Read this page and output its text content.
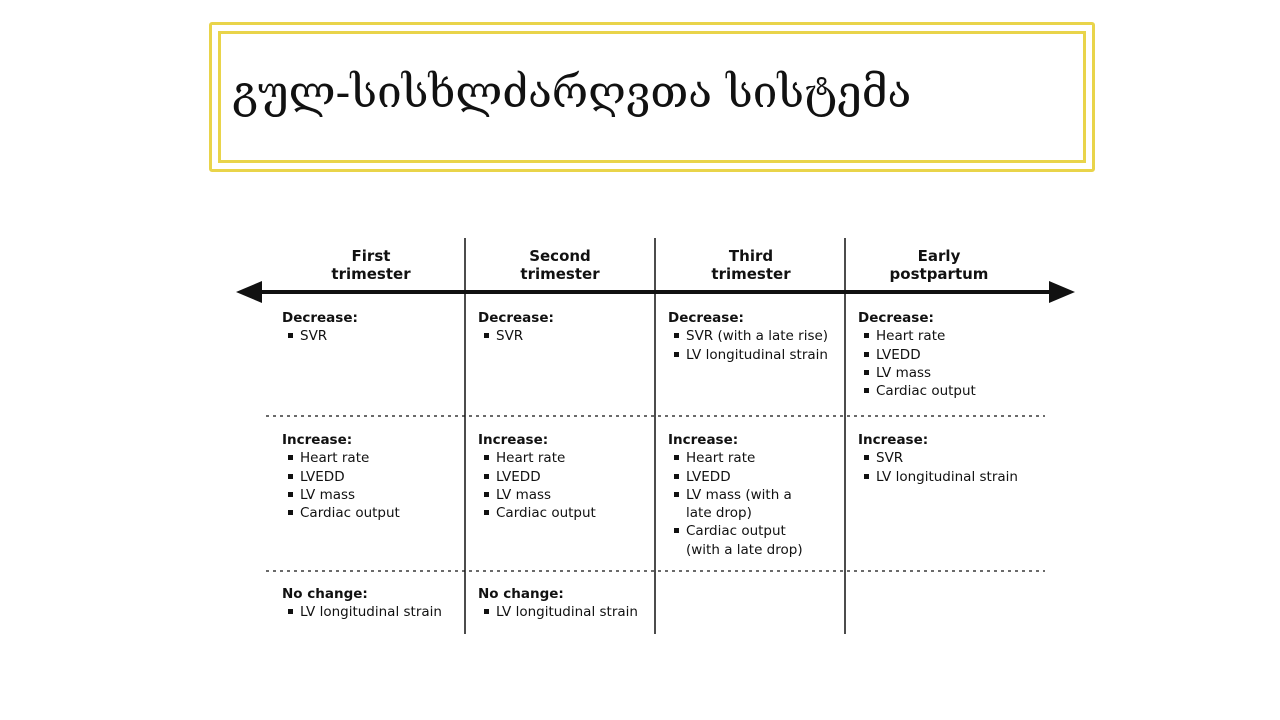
გულ-სისხლძარღვთა სისტემა
First
trimester
Second
trimester
Third
trimester
Early
postpartum
Decrease:
SVR
Decrease:
SVR
Decrease:
SVR (with a late rise)
LV longitudinal strain
Decrease:
Heart rate
LVEDD
LV mass
Cardiac output
Increase:
Heart rate
LVEDD
LV mass
Cardiac output
Increase:
Heart rate
LVEDD
LV mass
Cardiac output
Increase:
Heart rate
LVEDD
LV mass (with a
late drop)
Cardiac output
(with a late drop)
Increase:
SVR
LV longitudinal strain
No change:
LV longitudinal strain
No change:
LV longitudinal strain
